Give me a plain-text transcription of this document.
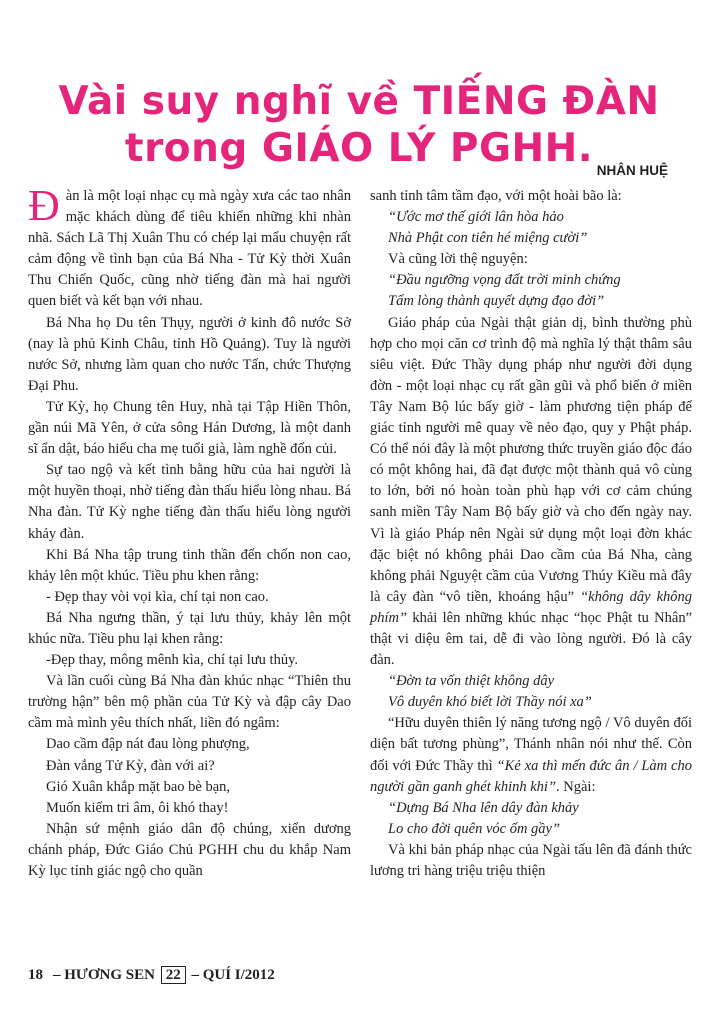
Vài suy nghĩ về TIẾNG ĐÀN
trong GIÁO LÝ PGHH. NHÂN HUỆ

Đàn là một loại nhạc cụ mà ngày xưa các tao nhân mặc khách dùng để tiêu khiển những khi nhàn nhã. Sách Lã Thị Xuân Thu có chép lại mẩu chuyện rất cảm động về tình bạn của Bá Nha - Tử Kỳ thời Xuân Thu Chiến Quốc, cũng nhờ tiếng đàn mà hai người quen biết và kết bạn với nhau.

Bá Nha họ Du tên Thụy, người ở kinh đô nước Sở (nay là phủ Kinh Châu, tỉnh Hồ Quảng). Tuy là người nước Sở, nhưng làm quan cho nước Tấn, chức Thượng Đại Phu.

Tử Kỳ, họ Chung tên Huy, nhà tại Tập Hiền Thôn, gần núi Mã Yên, ở cửa sông Hán Dương, là một danh sĩ ẩn dật, báo hiếu cha mẹ tuổi già, làm nghề đốn củi.

Sự tao ngộ và kết tình bằng hữu của hai người là một huyền thoại, nhờ tiếng đàn thấu hiểu lòng nhau. Bá Nha đàn. Tử Kỳ nghe tiếng đàn thấu hiểu lòng người khảy đàn.

Khi Bá Nha tập trung tinh thần đến chốn non cao, khảy lên một khúc. Tiều phu khen rằng:

- Đẹp thay vòi vọi kìa, chí tại non cao.

Bá Nha ngưng thần, ý tại lưu thủy, khảy lên một khúc nữa. Tiều phu lại khen rằng:

-Đẹp thay, mông mênh kìa, chí tại lưu thủy.

Và lần cuối cùng Bá Nha đàn khúc nhạc “Thiên thu trường hận” bên mộ phần của Tử Kỳ và đập cây Dao cầm mà mình yêu thích nhất, liền đó ngâm:

Dao cầm đập nát đau lòng phượng,

Đàn vắng Tử Kỳ, đàn với ai?

Gió Xuân khắp mặt bao bè bạn,

Muốn kiếm tri âm, ôi khó thay!

Nhận sứ mệnh giáo dân độ chúng, xiển dương chánh pháp, Đức Giáo Chủ PGHH chu du khắp Nam Kỳ lục tỉnh giác ngộ cho quần

sanh tỉnh tâm tầm đạo, với một hoài bão là:

“Ước mơ thế giới lân hòa hảo

Nhà Phật con tiên hé miệng cười”

Và cũng lời thệ nguyện:

“Đầu ngưỡng vọng đất trời minh chứng

Tấm lòng thành quyết dựng đạo đời”

Giáo pháp của Ngài thật giản dị, bình thường phù hợp cho mọi căn cơ trình độ mà nghĩa lý thật thâm sâu siêu việt. Đức Thầy dụng pháp như người đời dụng đờn - một loại nhạc cụ rất gần gũi và phổ biến ở miền Tây Nam Bộ lúc bấy giờ - làm phương tiện pháp để giác tỉnh người mê quay về nẻo đạo, quy y Phật pháp. Có thể nói đây là một phương thức truyền giáo độc đáo có một không hai, đã đạt được một thành quả vô cùng to lớn, bởi nó hoàn toàn phù hạp với cơ cảm chúng sanh miền Tây Nam Bộ bấy giờ và cho đến ngày nay. Vì là giáo Pháp nên Ngài sử dụng một loại đờn khác đặc biệt nó không phải Dao cầm của Bá Nha, càng không phải Nguyệt cầm của Vương Thúy Kiều mà đây là cây đàn “vô tiền, khoáng hậu” “không dây không phím” khải lên những khúc nhạc “học Phật tu Nhân” thật vi diệu êm tai, dễ đi vào lòng người. Đó là cây đàn.

“Đờn ta vốn thiệt không dây

Vô duyên khó biết lời Thầy nói xa”

“Hữu duyên thiên lý năng tương ngộ / Vô duyên đối diện bất tương phùng”, Thánh nhân nói như thế. Còn đối với Đức Thầy thì “Kẻ xa thì mến đức ân / Làm cho người gần ganh ghét khinh khi”. Ngài:

“Dựng Bá Nha lên dây đàn khảy

Lo cho đời quên vóc ốm gầy”

Và khi bản pháp nhạc của Ngài tấu lên đã đánh thức lương tri hàng triệu triệu thiện

18 – HƯƠNG SEN 22 – QUÍ I/2012
